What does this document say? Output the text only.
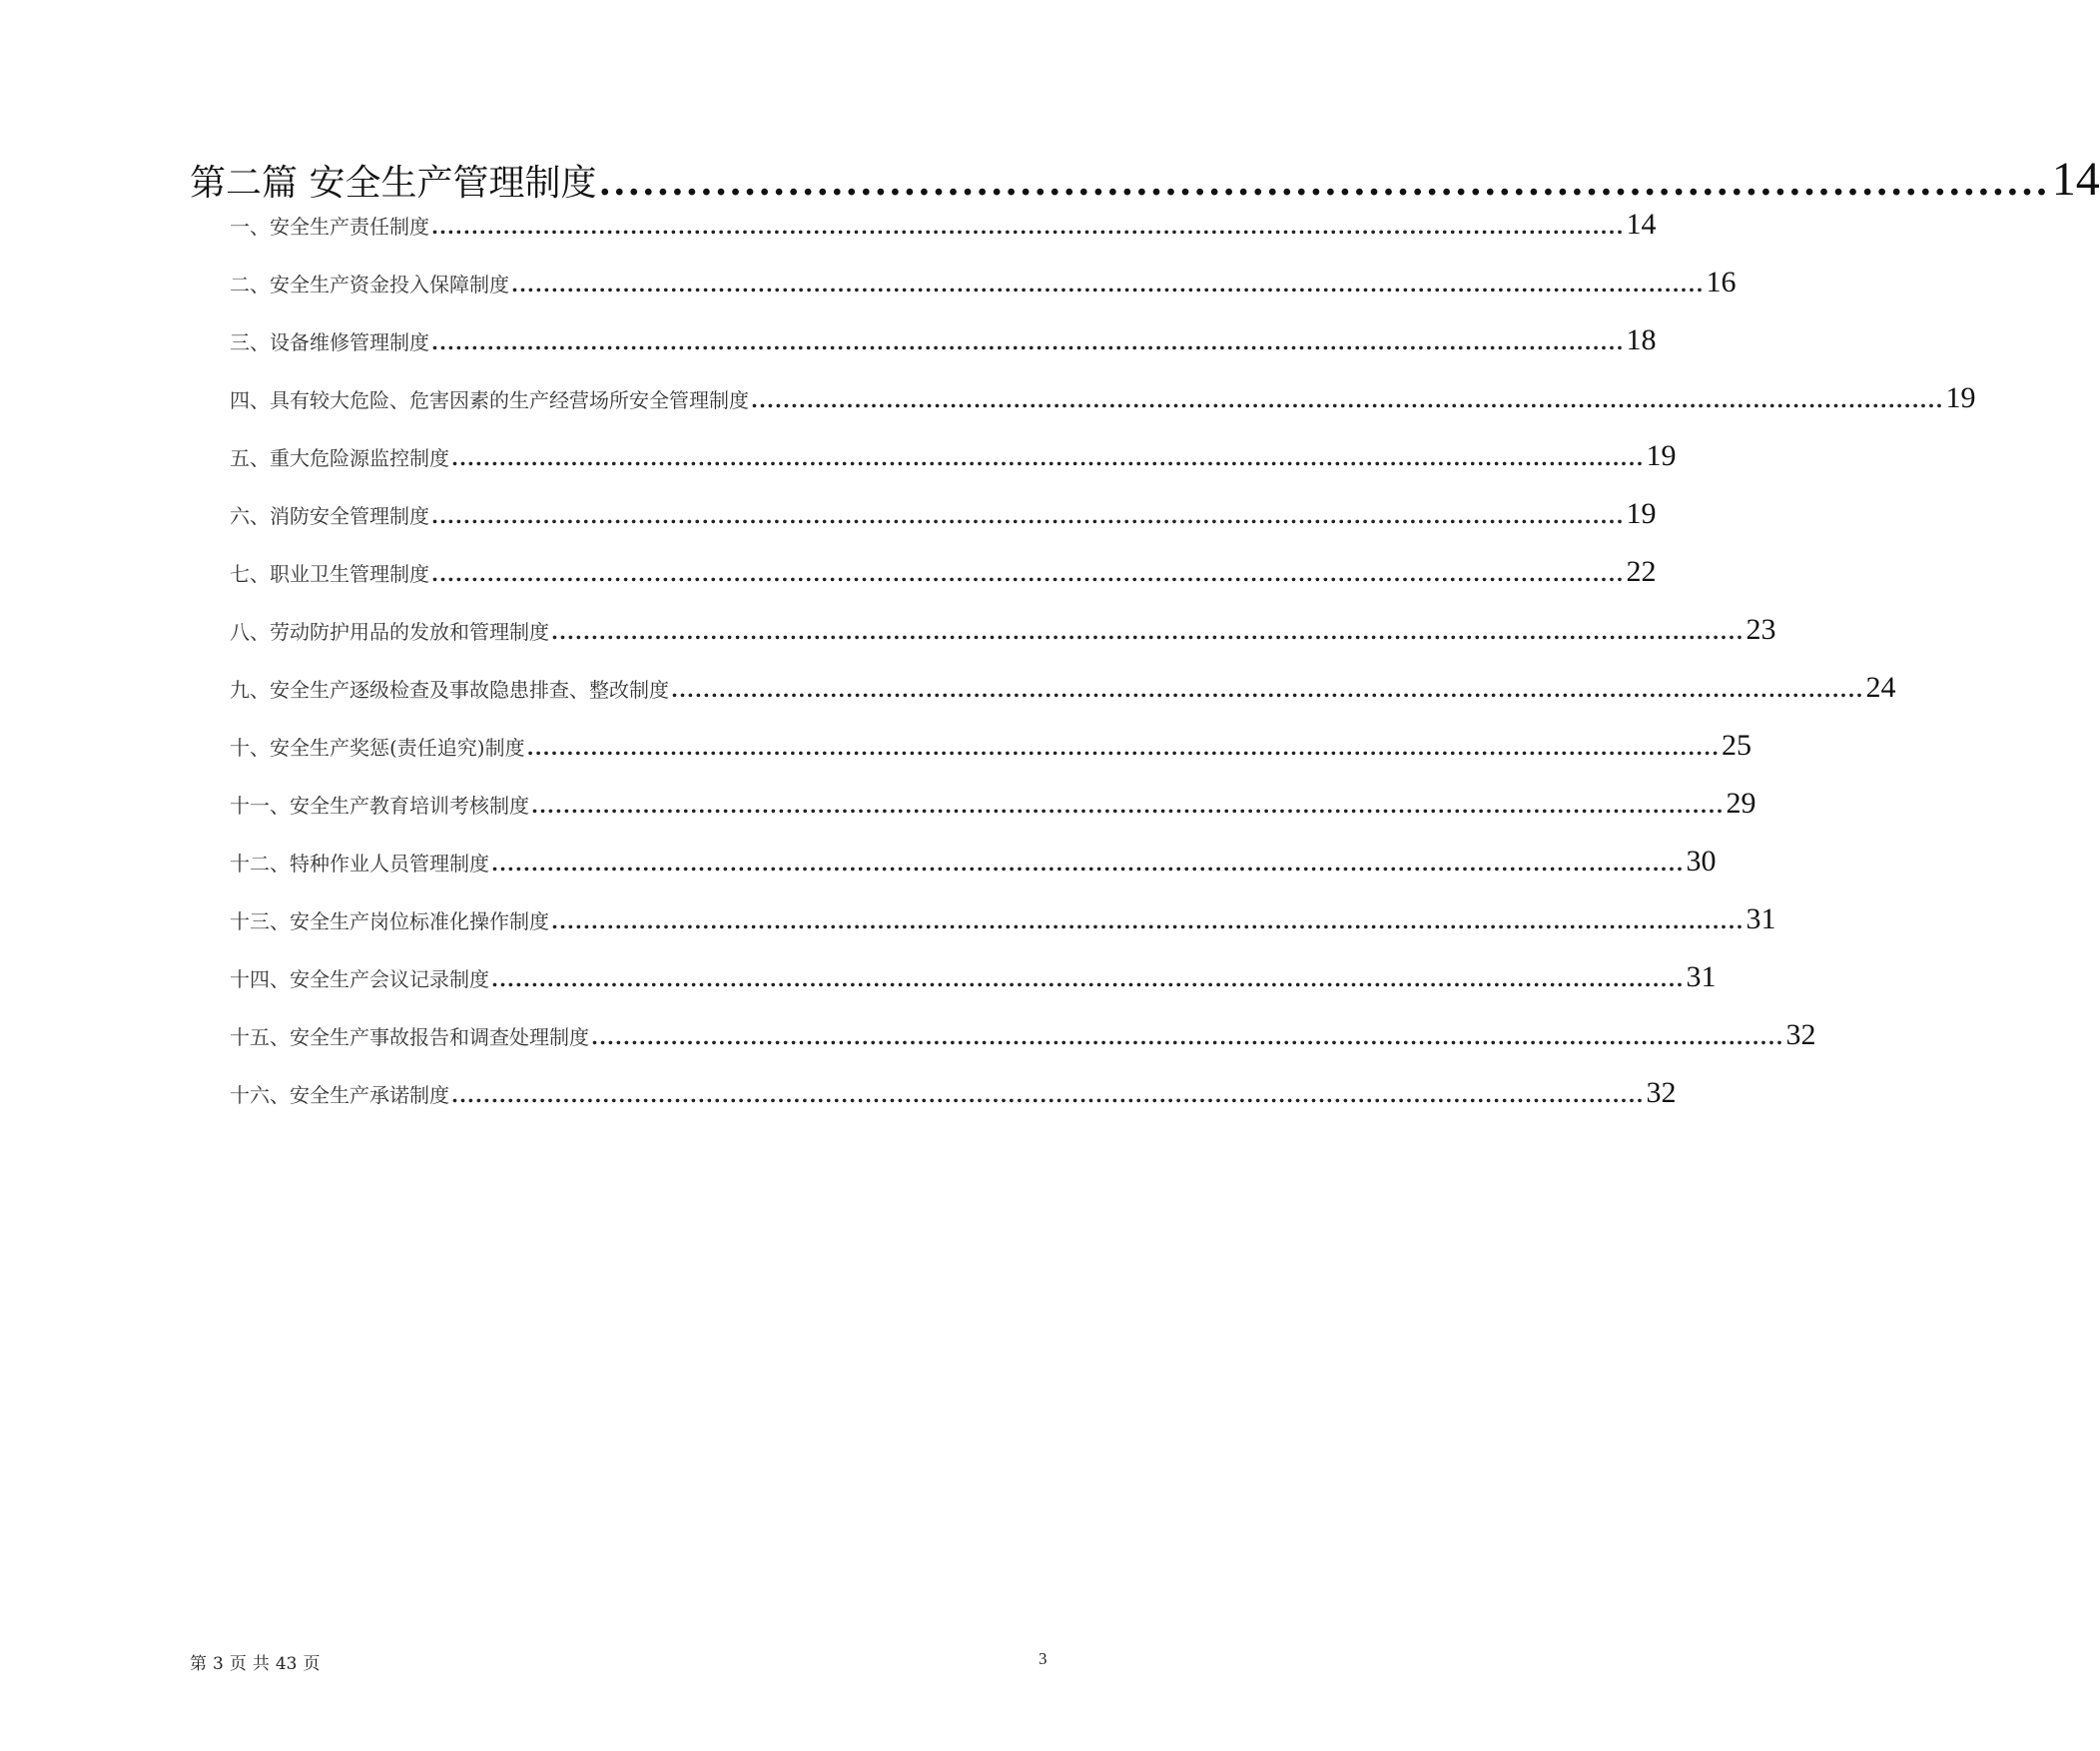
第二篇 安全生产管理制度 .................................................................................................... 14
一、安全生产责任制度 ...................................................................................................................................................... 14
二、安全生产资金投入保障制度 ...................................................................................................................................................... 16
三、设备维修管理制度 ...................................................................................................................................................... 18
四、具有较大危险、危害因素的生产经营场所安全管理制度 ...................................................................................................................................................... 19
五、重大危险源监控制度 ...................................................................................................................................................... 19
六、消防安全管理制度 ...................................................................................................................................................... 19
七、职业卫生管理制度 ...................................................................................................................................................... 22
八、劳动防护用品的发放和管理制度 ...................................................................................................................................................... 23
九、安全生产逐级检查及事故隐患排查、整改制度 ...................................................................................................................................................... 24
十、安全生产奖惩(责任追究)制度 ...................................................................................................................................................... 25
十一、安全生产教育培训考核制度 ...................................................................................................................................................... 29
十二、特种作业人员管理制度 ...................................................................................................................................................... 30
十三、安全生产岗位标准化操作制度 ...................................................................................................................................................... 31
十四、安全生产会议记录制度 ...................................................................................................................................................... 31
十五、安全生产事故报告和调查处理制度 ...................................................................................................................................................... 32
十六、安全生产承诺制度 ...................................................................................................................................................... 32
第 3 页 共 43 页	3
